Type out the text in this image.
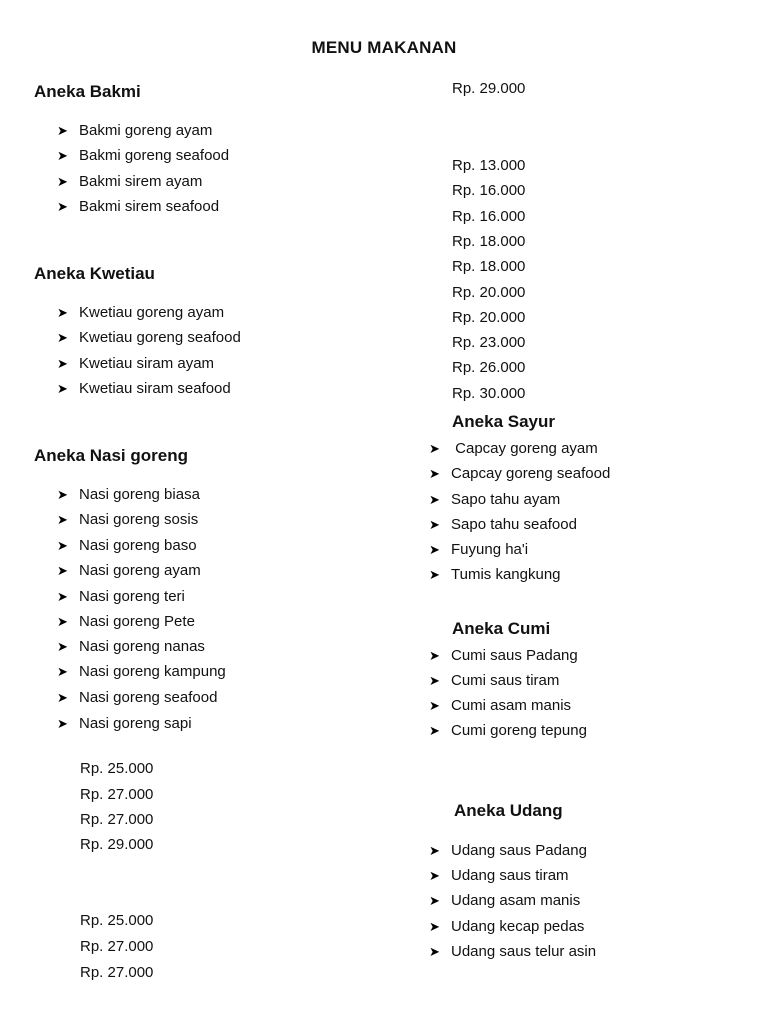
MENU MAKANAN
Aneka Bakmi
➤ Bakmi goreng ayam
➤ Bakmi goreng seafood
➤ Bakmi sirem ayam
➤ Bakmi sirem seafood
Aneka Kwetiau
➤ Kwetiau goreng ayam
➤ Kwetiau goreng seafood
➤ Kwetiau siram ayam
➤ Kwetiau siram seafood
Aneka Nasi goreng
➤ Nasi goreng biasa
➤ Nasi goreng sosis
➤ Nasi goreng baso
➤ Nasi goreng ayam
➤ Nasi goreng teri
➤ Nasi goreng Pete
➤ Nasi goreng nanas
➤ Nasi goreng kampung
➤ Nasi goreng seafood
➤ Nasi goreng sapi
Rp. 25.000
Rp. 27.000
Rp. 27.000
Rp. 29.000
Rp. 25.000
Rp. 27.000
Rp. 27.000
Rp. 29.000
Rp. 13.000
Rp. 16.000
Rp. 16.000
Rp. 18.000
Rp. 18.000
Rp. 20.000
Rp. 20.000
Rp. 23.000
Rp. 26.000
Rp. 30.000
Aneka Sayur
➤ Capcay goreng ayam
➤ Capcay goreng seafood
➤ Sapo tahu ayam
➤ Sapo tahu seafood
➤ Fuyung ha'i
➤ Tumis kangkung
Aneka Cumi
➤ Cumi saus Padang
➤ Cumi saus tiram
➤ Cumi asam manis
➤ Cumi goreng tepung
Aneka Udang
➤ Udang saus Padang
➤ Udang saus tiram
➤ Udang asam manis
➤ Udang kecap pedas
➤ Udang saus telur asin
